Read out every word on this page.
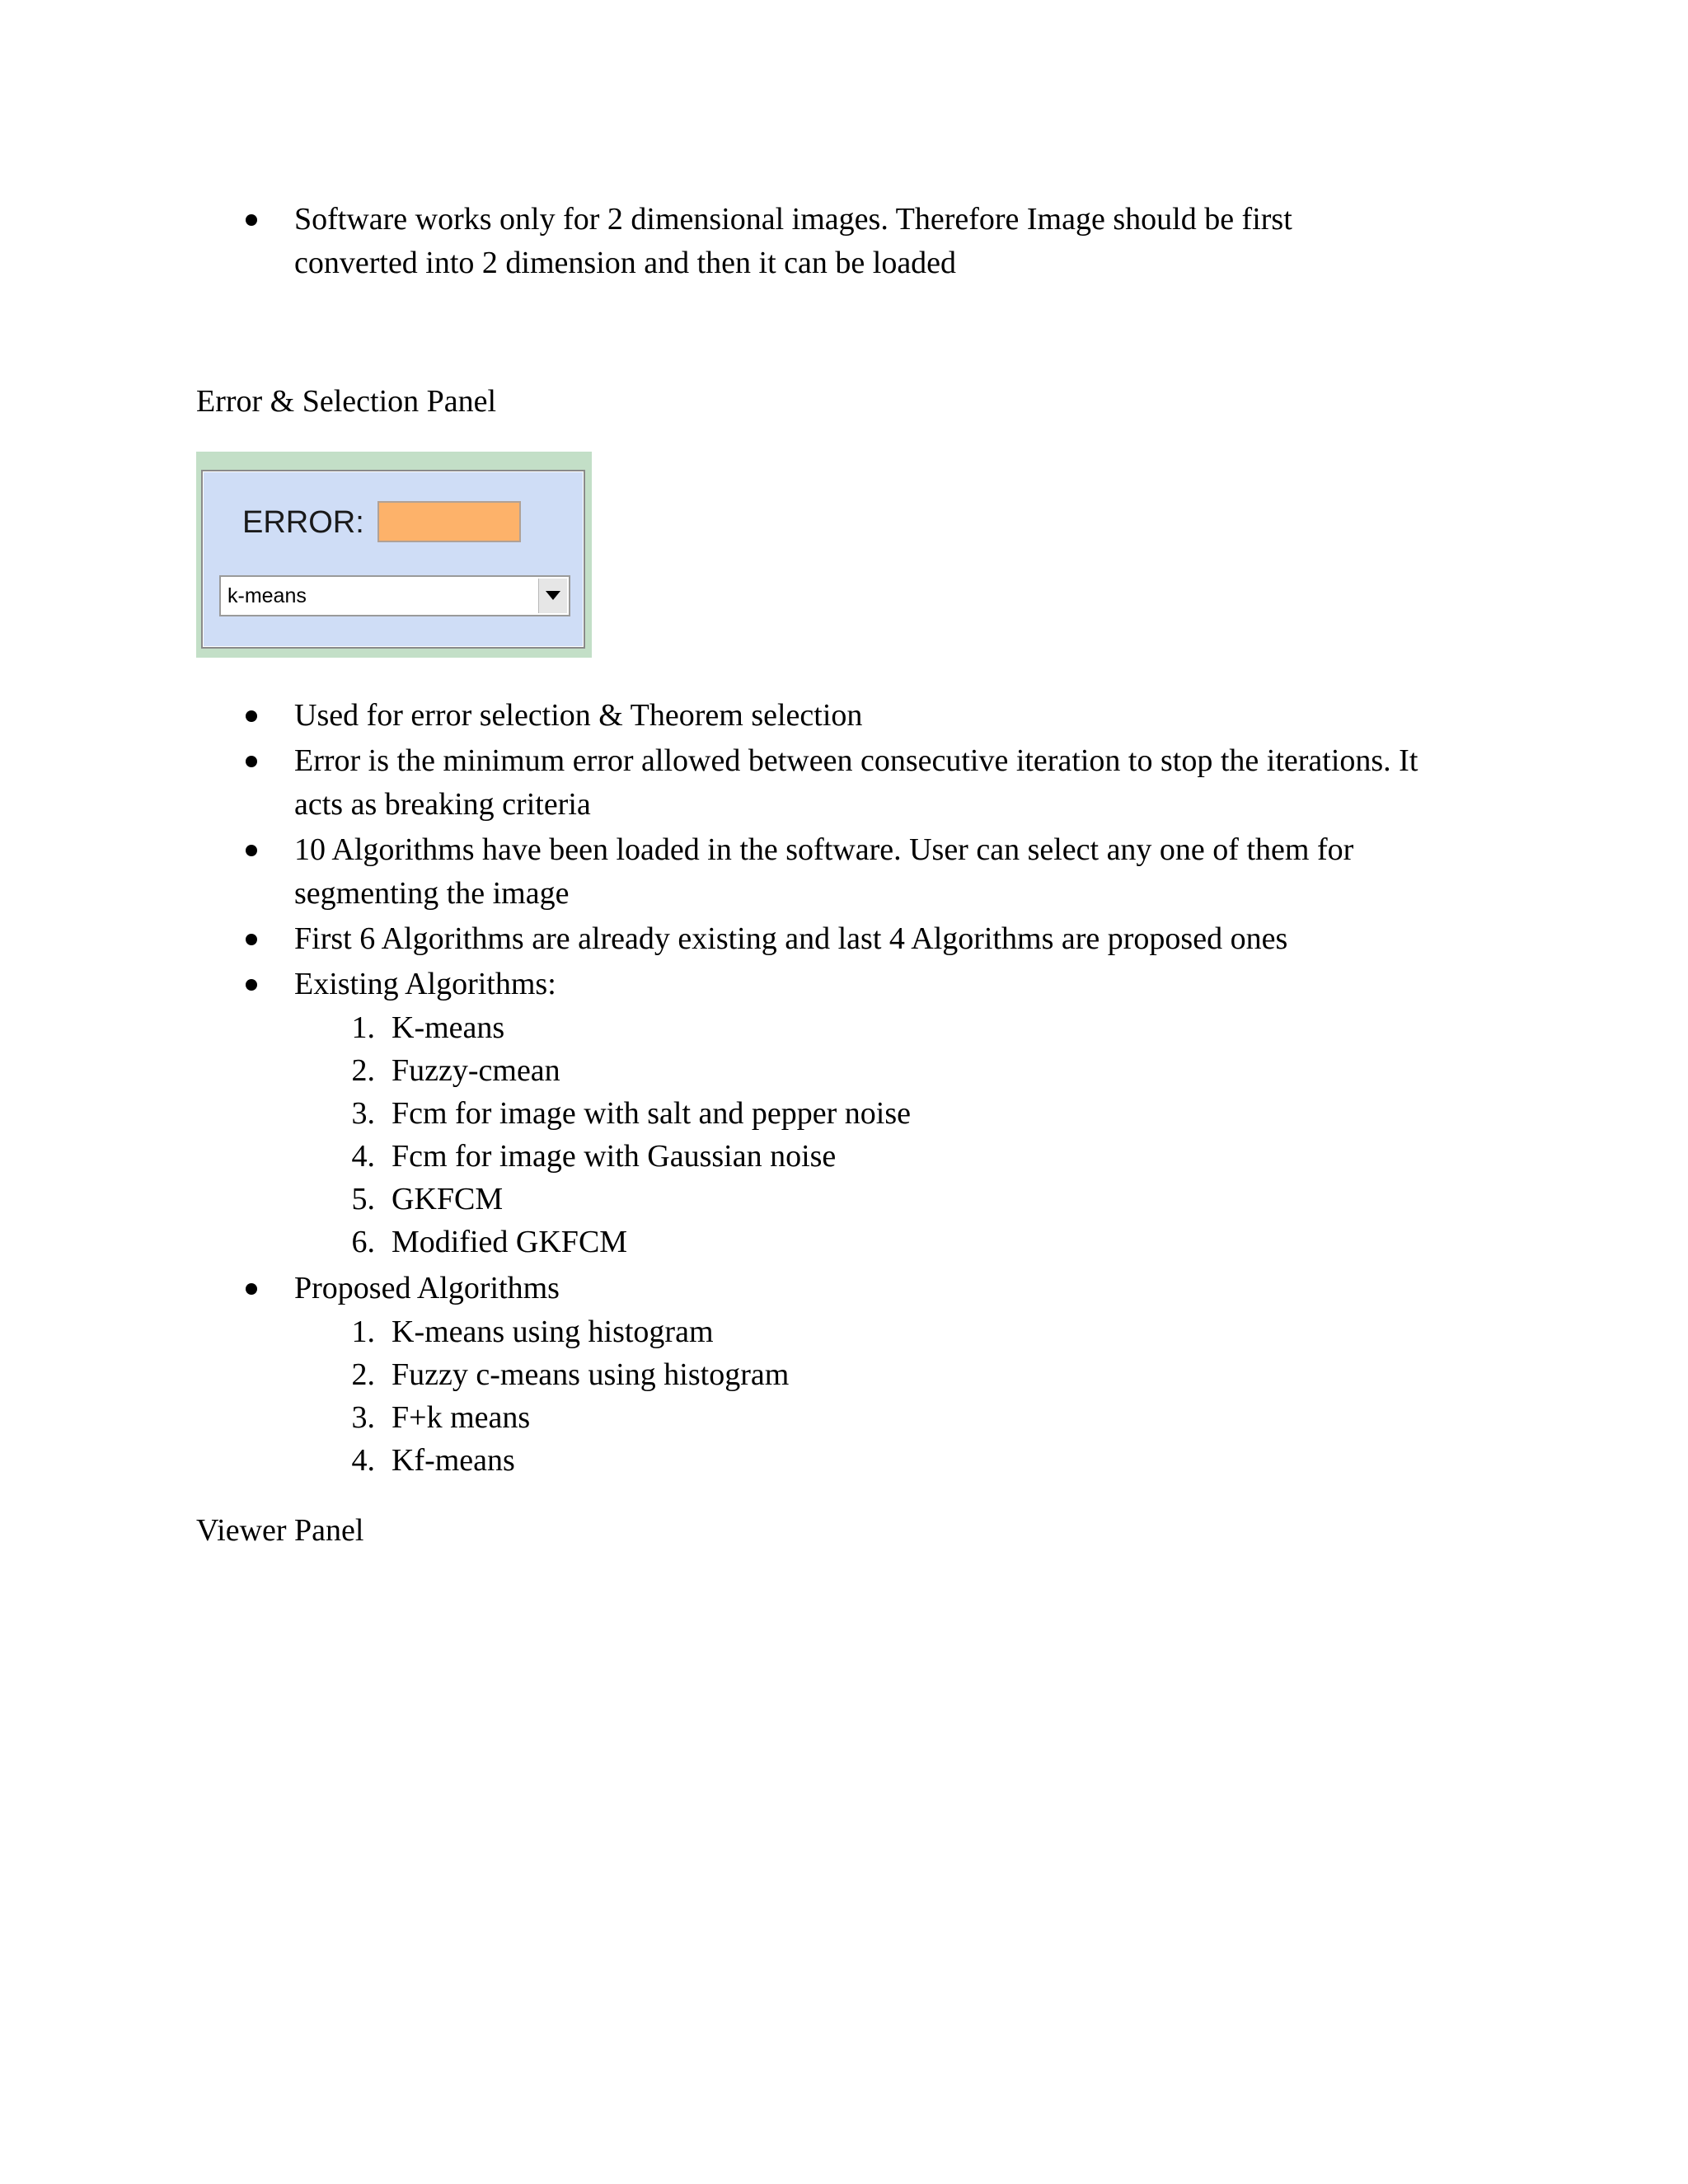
Software works only for 2 dimensional images. Therefore Image should be first
converted into 2 dimension and then it can be loaded
Error & Selection Panel
ERROR:
k-means
Used for error selection & Theorem selection
Error is the minimum error allowed between consecutive iteration to stop the iterations. It
acts as breaking criteria
10 Algorithms have been loaded in the software. User can select any one of them for
segmenting the image
First 6 Algorithms are already existing and last 4 Algorithms are proposed ones
Existing Algorithms:
1. K-means
2. Fuzzy-cmean
3. Fcm for image with salt and pepper noise
4. Fcm for image with Gaussian noise
5. GKFCM
6. Modified GKFCM
Proposed Algorithms
1. K-means using histogram
2. Fuzzy c-means using histogram
3. F+k means
4. Kf-means
Viewer Panel
